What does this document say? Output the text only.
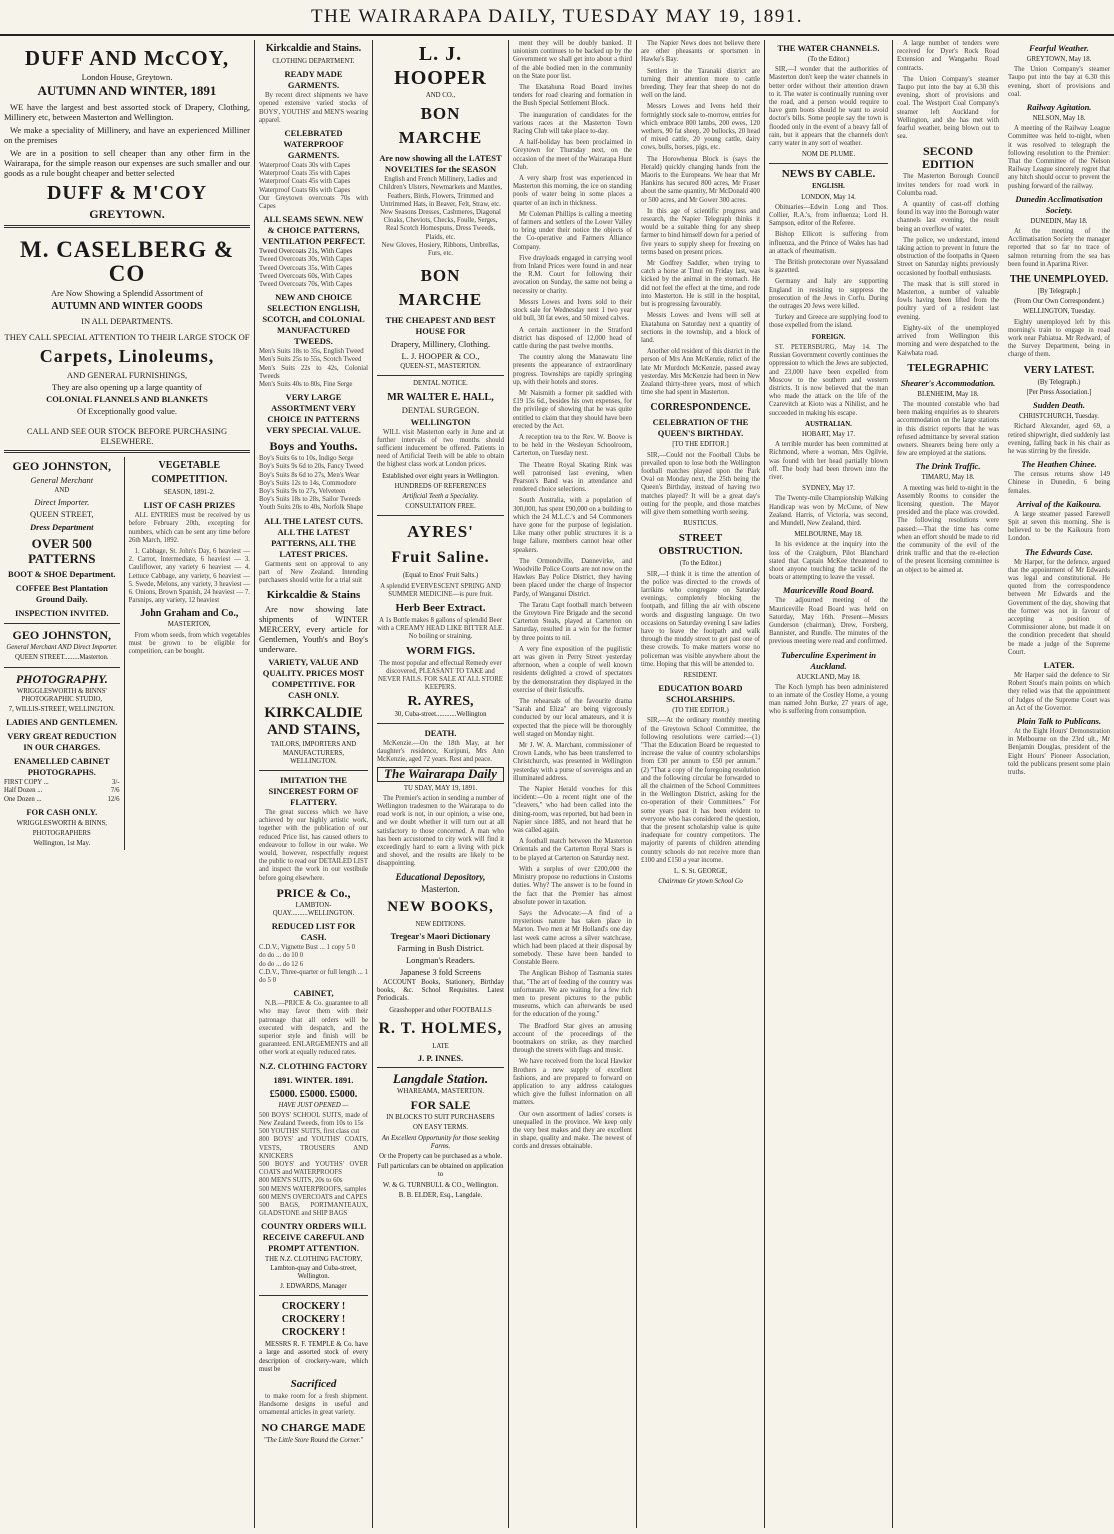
THE WAIRARAPA DAILY, TUESDAY MAY 19, 1891.
DUFF AND McCOY,
London House, Greytown.
AUTUMN AND WINTER, 1891
WE have the largest and best assorted stock of Drapery, Clothing, Millinery etc, between Masterton and Wellington.
We make a speciality of Millinery, and have an experienced Milliner on the premises
We are in a position to sell cheaper than any other firm in the Wairarapa, for the simple reason our expenses are such smaller and our goods as a rule bought cheaper and better selected
DUFF & M'COY
GREYTOWN.
M. CASELBERG & CO
Are Now Showing a Splendid Assortment of
AUTUMN AND WINTER GOODS
IN ALL DEPARTMENTS.
THEY CALL SPECIAL ATTENTION TO THEIR LARGE STOCK OF
Carpets, Linoleums,
AND GENERAL FURNISHINGS,
They are also opening up a large quantity of
COLONIAL FLANNELS AND BLANKETS
Of Exceptionally good value.
CALL AND SEE OUR STOCK BEFORE PURCHASING ELSEWHERE.
GEO JOHNSTON,
General Merchant
AND
Direct Importer.
QUEEN STREET,
Dress Department
OVER 500 PATTERNS
BOOT & SHOE Department.
COFFEE Best Plantation Ground Daily.
INSPECTION INVITED.
GEO JOHNSTON,
General Merchant AND Direct Importer.
QUEEN STREET.........Masterton.
PHOTOGRAPHY.
WRIGGLESWORTH & BINNS' PHOTOGRAPHIC STUDIO,
7, WILLIS-STREET, WELLINGTON.
LADIES AND GENTLEMEN.
VERY GREAT REDUCTION IN OUR CHARGES.
ENAMELLED CABINET PHOTOGRAPHS.
FIRST COPY ...	3/-
Half Dozen ...	7/6
One Dozen ...	12/6
FOR CASH ONLY.
WRIGGLESWORTH & BINNS,
PHOTOGRAPHERS
Wellington, 1st May.
VEGETABLE COMPETITION.
SEASON, 1891-2.
LIST OF CASH PRIZES
ALL ENTRIES must be received by us before February 20th, excepting for numbers, which can be sent any time before 26th March, 1892.
1. Cabbage, St. John's Day, 6 heaviest — 2. Carrot, Intermediate, 6 heaviest — 3. Cauliflower, any variety 6 heaviest — 4. Lettuce Cabbage, any variety, 6 heaviest — 5. Swede, Melons, any variety, 3 heaviest — 6. Onions, Brown Spanish, 24 heaviest — 7. Parsnips, any variety, 12 heaviest
John Graham and Co.,
MASTERTON,
From whom seeds, from which vegetables must be grown to be eligible for competition, can be bought.
Kirkcaldie and Stains.
CLOTHING DEPARTMENT.
READY MADE GARMENTS.
By recent direct shipments we have opened extensive varied stocks of BOYS', YOUTHS' and MEN'S wearing apparel.
CELEBRATED WATERPROOF GARMENTS.
Waterproof Coats 30s with Capes
Waterproof Coats 35s with Capes
Waterproof Coats 45s with Capes
Waterproof Coats 60s with Capes
Our Greytown overcoats 70s with Capes
ALL SEAMS SEWN. NEW & CHOICE PATTERNS, VENTILATION PERFECT.
Tweed Overcoats 21s, With Capes
Tweed Overcoats 30s, With Capes
Tweed Overcoats 35s, With Capes
Tweed Overcoats 60s, With Capes
Tweed Overcoats 70s, With Capes
NEW AND CHOICE SELECTION ENGLISH, SCOTCH, and COLONIAL MANUFACTURED TWEEDS.
Men's Suits 18s to 35s, English Tweed
Men's Suits 25s to 55s, Scotch Tweed
Men's Suits 22s to 42s, Colonial Tweeds
Men's Suits 40s to 80s, Fine Serge
VERY LARGE ASSORTMENT VERY CHOICE IN PATTERNS VERY SPECIAL VALUE.
Boys and Youths.
Boy's Suits 6s to 10s, Indigo Serge
Boy's Suits 9s 6d to 20s, Fancy Tweed
Boy's Suits 8s 6d to 27s, Men's Wear
Boy's Suits 12s to 14s, Commodore
Boy's Suits 9s to 27s, Velveteen
Boy's Suits 18s to 28s, Sailor Tweeds
Youth Suits 20s to 40s, Norfolk Shape
ALL THE LATEST CUTS. ALL THE LATEST PATTERNS, ALL THE LATEST PRICES.
Garments sent on approval to any part of New Zealand. Intending purchasers should write for a trial suit
Kirkcaldie & Stains
Are now showing late shipments of WINTER MERCERY, every article for Gentlemen, Youth's and Boy's underware.
VARIETY, VALUE AND QUALITY. PRICES MOST COMPETITIVE. FOR CASH ONLY.
KIRKCALDIE AND STAINS,
TAILORS, IMPORTERS AND MANUFACTURERS, WELLINGTON.
IMITATION THE SINCEREST FORM OF FLATTERY.
The great success which we have achieved by our highly artistic work, together with the publication of our reduced Price list, has caused others to endeavour to follow in our wake. We would, however, respectfully request the public to read our DETAILED LIST and inspect the work in our vestibule before going elsewhere.
PRICE & Co.,
LAMBTON-QUAY..........WELLINGTON.
REDUCED LIST FOR CASH.
C.D.V., Vignette Bust ... 1 copy 5 0
do do ... do 10 0
do do ... do 12 6
C.D.V., Three-quarter or full length ... 1 do 5 0
CABINET,
N.B.—PRICE & Co. guarantee to all who may favor them with their patronage that all orders will be executed with despatch, and the superior style and finish will be guaranteed. ENLARGEMENTS and all other work at equally reduced rates.
N.Z. CLOTHING FACTORY
1891. WINTER. 1891.
£5000. £5000. £5000.
HAVE JUST OPENED —
500 BOYS' SCHOOL SUITS, made of New Zealand Tweeds, from 10s to 15s
500 YOUTHS' SUITS, first class cut
800 BOYS' and YOUTHS' COATS, VESTS, TROUSERS AND KNICKERS
500 BOYS' and YOUTHS' OVER COATS and WATERPROOFS
800 MEN'S SUITS, 20s to 60s
500 MEN'S WATERPROOFS, samples
600 MEN'S OVERCOATS and CAPES
500 BAGS, PORTMANTEAUX, GLADSTONE and SHIP BAGS
COUNTRY ORDERS WILL RECEIVE CAREFUL AND PROMPT ATTENTION.
THE N.Z. CLOTHING FACTORY, Lambton-quay and Cuba-street, Wellington.
J. EDWARDS, Manager
CROCKERY ! CROCKERY ! CROCKERY !
MESSRS R. F. TEMPLE & Co. have a large and assorted stock of every description of crockery-ware, which must be
Sacrificed
to make room for a fresh shipment. Handsome designs in useful and ornamental articles in great variety.
NO CHARGE MADE
"The Little Store Round the Corner."
L. J. HOOPER
AND CO.,
BON MARCHE
Are now showing all the LATEST NOVELTIES for the SEASON
English and French Millinery, Ladies and Children's Ulsters, Newmarkets and Mantles, Feathers, Birds, Flowers, Trimmed and Untrimmed Hats, in Beaver, Felt, Straw, etc.
New Seasons Dresses, Cashmeres, Diagonal Cloaks, Cheviots, Checks, Foulle, Serges, Real Scotch Homespuns, Dress Tweeds, Plaids, etc.
New Gloves, Hosiery, Ribbons, Umbrellas, Furs, etc.
BON MARCHE
THE CHEAPEST AND BEST HOUSE FOR
Drapery, Millinery, Clothing.
L. J. HOOPER & CO.,
QUEEN-ST., MASTERTON.
DENTAL NOTICE.
MR WALTER E. HALL,
DENTAL SURGEON.
WELLINGTON
WILL visit Masterton early in June and at further intervals of two months should sufficient inducement be offered. Patients in need of Artificial Teeth will be able to obtain the highest class work at London prices.
Established over eight years in Wellington.
HUNDREDS OF REFERENCES
Artificial Teeth a Speciality.
CONSULTATION FREE.
AYRES'
Fruit Saline.
(Equal to Enos' Fruit Salts.)
A splendid EVERVESCENT SPRING AND SUMMER MEDICINE—is pure fruit.
Herb Beer Extract.
A 1s Bottle makes 8 gallons of splendid Beer with a CREAMY HEAD LIKE BITTER ALE. No boiling or straining.
WORM FIGS.
The most popular and effectual Remedy ever discovered, PLEASANT TO TAKE and NEVER FAILS. FOR SALE AT ALL STORE KEEPERS.
R. AYRES,
30, Cuba-street............Wellington
DEATH.
McKenzie.—On the 18th May, at her daughter's residence, Kuripuni, Mrs Ann McKenzie, aged 72 years. Rest and peace.
The Wairarapa Daily
TU SDAY, MAY 19, 1891.
The Premier's action in sending a number of Wellington tradesmen to the Wairarapa to do road work is not, in our opinion, a wise one, and we doubt whether it will turn out at all satisfactory to those concerned. A man who has been accustomed to city work will find it exceedingly hard to earn a living with pick and shovel, and the results are likely to be disappointing.
Educational Depository,
Masterton.
NEW BOOKS,
NEW EDITIONS.
Tregear's Maori Dictionary
Farming in Bush District.
Longman's Readers.
Japanese 3 fold Screens
ACCOUNT Books, Stationery, Birthday books, &c. School Requisites. Latest Periodicals.
Grasshopper and other FOOTBALLS
R. T. HOLMES,
LATE
J. P. INNES.
Langdale Station.
WHAREAMA, MASTERTON.
FOR SALE
IN BLOCKS TO SUIT PURCHASERS
ON EASY TERMS.
An Excellent Opportunity for those seeking Farms.
Or the Property can be purchased as a whole.
Full particulars can be obtained on application to
W. & G. TURNBULL & CO., Wellington.
B. B. ELDER, Esq., Langdale.
ment they will be doubly banked. If unionism continues to be backed up by the Government we shall get into about a third of the able bodied men in the community on the State poor list.
The Ekatahuna Road Board invites tenders for road clearing and formation in the Bush Special Settlement Block.
The inauguration of candidates for the various races at the Masterton Town Racing Club will take place to-day.
A half-holiday has been proclaimed in Greytown for Thursday next, on the occasion of the meet of the Wairarapa Hunt Club.
A very sharp frost was experienced in Masterton this morning, the ice on standing pools of water being in some places a quarter of an inch in thickness.
Mr Coleman Phillips is calling a meeting of farmers and settlers of the Lower Valley to bring under their notice the objects of the Co-operative and Farmers Alliance Company.
Five drayloads engaged in carrying wool from Inland Prices were found in and near the R.M. Court for following their avocation on Sunday, the same not being a necessity or charity.
Messrs Lowes and Ivens sold to their stock sale for Wednesday next 1 two year old bull, 30 fat ewes, and 50 mixed calves.
A certain auctioneer in the Stratford district has disposed of 12,000 head of cattle during the past twelve months.
The country along the Manawatu line presents the appearance of extraordinary progress. Townships are rapidly springing up, with their hotels and stores.
Mr Naismith a former pit saddled with £19 15s 6d., besides his own expenses, for the privilege of showing that he was quite entitled to claim that they should have been erected by the Act.
A reception tea to the Rev. W. Boove is to be held in the Wesleyan Schoolroom, Carterton, on Tuesday next.
The Theatre Royal Skating Rink was well patronised last evening, when Pearson's Band was in attendance and rendered choice selections.
South Australia, with a population of 300,000, has spent £90,000 on a building to which the 24 M.L.C.'s and 54 Commoners have gone for the purpose of legislation. Like many other public structures it is a huge failure, members cannot hear other speakers.
The Ormondville, Dannevirke, and Woodville Police Courts are not now on the Hawkes Bay Police District, they having been placed under the charge of Inspector Pardy, of Wanganui District.
The Taratu Capt football match between the Greytown Fire Brigade and the second Carterton Steals, played at Carterton on Saturday, resulted in a win for the former by three points to nil.
A very fine exposition of the pugilistic art was given in Perry Street yesterday afternoon, when a couple of well known residents delighted a crowd of spectators by the demonstration they displayed in the exercise of their fisticuffs.
The rehearsals of the favourite drama "Sarah and Eliza" are being vigorously conducted by our local amateurs, and it is expected that the piece will be thoroughly well staged on Monday night.
Mr J. W. A. Marchant, commissioner of Crown Lands, who has been transferred to Christchurch, was presented in Wellington yesterday with a purse of sovereigns and an illuminated address.
The Napier Herald vouches for this incident:—On a recent night one of the "cleavers," who had been called into the dining-room, was reported, but had been in Napier since 1885, and not heard that he was called again.
A football match between the Masterton Orientals and the Carterton Royal Stars is to be played at Carterton on Saturday next.
With a surplus of over £200,000 the Ministry propose no reductions in Customs duties. Why? The answer is to be found in the fact that the Premier has almost absolute power in taxation.
Says the Advocate:—A find of a mysterious nature has taken place in Marton. Two men at Mr Holland's one day last week came across a silver watchcase, which had been placed at their disposal by somebody. These have been handed to Constable Beere.
The Anglican Bishop of Tasmania states that, "The art of feeding of the country was unfortunate. We are waiting for a few rich men to present pictures to the public museums, which can afterwards be used for the education of the young."
The Bradford Star gives an amusing account of the proceedings of the bootmakers on strike, as they marched through the streets with flags and music.
We have received from the local Hawker Brothers a new supply of excellent fashions, and are prepared to forward on application to any address catalogues which give the fullest information on all matters.
Our own assortment of ladies' corsets is unequalled in the province. We keep only the very best makes and they are excellent in shape, quality and make. The newest of cords and dresses obtainable.
The Napier News does not believe there are other pheasants or sportsmen in Hawke's Bay.
Settlers in the Taranaki district are turning their attention more to cattle breeding. They fear that sheep do not do well on the land.
Messrs Lowes and Ivens held their fortnightly stock sale to-morrow, entries for which embrace 800 lambs, 200 ewes, 120 wethers, 90 fat sheep, 20 bullocks, 20 head of mixed cattle, 20 young cattle, dairy cows, bulls, horses, pigs, etc.
The Horowhenua Block is (says the Herald) quickly changing hands from the Maoris to the Europeans. We hear that Mr Hankins has secured 800 acres, Mr Fraser about the same quantity, Mr McDonald 400 or 500 acres, and Mr Gower 300 acres.
In this age of scientific progress and research, the Napier Telegraph thinks it would be a suitable thing for any sheep farmer to bind himself down for a period of five years to supply sheep for freezing on terms based on present prices.
Mr Godfrey Saddler, when trying to catch a horse at Tinui on Friday last, was kicked by the animal in the stomach. He did not feel the effect at the time, and rode into Masterton. He is still in the hospital, but is progressing favourably.
Messrs Lowes and Ivens will sell at Ekatahuna on Saturday next a quantity of sections in the township, and a block of land.
Another old resident of this district in the person of Mrs Ann McKenzie, relict of the late Mr Murdoch McKenzie, passed away yesterday. Mrs McKenzie had been in New Zealand thirty-three years, most of which time she had spent in Masterton.
CORRESPONDENCE.
CELEBRATION OF THE QUEEN'S BIRTHDAY.
[TO THE EDITOR.]
SIR,—Could not the Football Clubs be prevailed upon to lose both the Wellington football matches played upon the Park Oval on Monday next, the 25th being the Queen's Birthday, instead of having two matches played? It will be a great day's outing for the people, and those matches will give them something worth seeing.
RUSTICUS.
STREET OBSTRUCTION.
(To the Editor.)
SIR,—I think it is time the attention of the police was directed to the crowds of larrikins who congregate on Saturday evenings, completely blocking the footpath, and filling the air with obscene words and disgusting language. On two occasions on Saturday evening I saw ladies have to leave the footpath and walk through the muddy street to get past one of these crowds. To make matters worse no policeman was visible anywhere about the time. Hoping that this will be attended to.
RESIDENT.
EDUCATION BOARD SCHOLARSHIPS.
(TO THE EDITOR.)
SIR,—At the ordinary monthly meeting of the Greytown School Committee, the following resolutions were carried:—(1) "That the Education Board be requested to increase the value of country scholarships from £30 per annum to £50 per annum." (2) "That a copy of the foregoing resolution and the following circular be forwarded to all the chairmen of the School Committees in the Wellington District, asking for the co-operation of their Committees." For some years past it has been evident to everyone who has considered the question, that the present scholarship value is quite inadequate for country competitors. The majority of parents of children attending country schools do not receive more than £100 and £150 a year income.
L. S. St. GEORGE,
Chairman Gr ytown School Co
THE WATER CHANNELS.
(To the Editor.)
SIR,—I wonder that the authorities of Masterton don't keep the water channels in better order without their attention drawn to it. The water is continually running over the road, and a person would require to have gum boots should he want to avoid doctor's bills. Some people say the town is flooded only in the event of a heavy fall of rain, but it appears that the channels don't carry water in any sort of weather.
NOM DE PLUME.
NEWS BY CABLE.
ENGLISH.
LONDON, May 14.
Obituaries—Edwin Long and Thos. Collier, R.A.'s, from influenza; Lord H. Sampson, editor of the Referee.
Bishop Ellicott is suffering from influenza, and the Prince of Wales has had an attack of rheumatism.
The British protectorate over Nyassaland is gazetted.
Germany and Italy are supporting England in resisting to suppress the prosecution of the Jews in Corfu. During the outrages 20 Jews were killed.
Turkey and Greece are supplying food to those expelled from the island.
FOREIGN.
ST. PETERSBURG, May 14. The Russian Government covertly continues the oppression to which the Jews are subjected, and 23,000 have been expelled from Moscow to the southern and western districts. It is now believed that the man who made the attack on the life of the Czarevitch at Kioto was a Nihilist, and he succeeded in making his escape.
AUSTRALIAN.
HOBART, May 17.
A terrible murder has been committed at Richmond, where a woman, Mrs Ogilvie, was found with her head partially blown off. The body had been thrown into the river.
SYDNEY, May 17.
The Twenty-mile Championship Walking Handicap was won by McCune, of New Zealand. Harris, of Victoria, was second, and Mundell, New Zealand, third.
MELBOURNE, May 18.
In his evidence at the inquiry into the loss of the Craigburn, Pilot Blanchard stated that Captain McKee threatened to shoot anyone touching the tackle of the boats or attempting to leave the vessel.
Mauriceville Road Board.
The adjourned meeting of the Mauriceville Road Board was held on Saturday, May 16th. Present—Messrs Gunderson (chairman), Drew, Forsberg, Bannister, and Rundle. The minutes of the previous meeting were read and confirmed.
Tuberculine Experiment in Auckland.
AUCKLAND, May 18.
The Koch lymph has been administered to an inmate of the Costley Home, a young man named John Burke, 27 years of age, who is suffering from consumption.
A large number of tenders were received for Dyer's Rock Road Extension and Wangaehu Road contracts.
The Union Company's steamer Taupo put into the bay at 6.30 this evening, short of provisions and coal. The Westport Coal Company's steamer left Auckland for Wellington, and she has met with fearful weather, being blown out to sea.
SECOND EDITION
The Masterton Borough Council invites tenders for road work in Columba road.
A quantity of cast-off clothing found its way into the Borough water channels last evening, the result being an overflow of water.
The police, we understand, intend taking action to prevent in future the obstruction of the footpaths in Queen Street on Saturday nights previously occasioned by football enthusiasts.
The mask that is still stored in Masterton, a number of valuable fowls having been lifted from the poultry yard of a resident last evening.
Eighty-six of the unemployed arrived from Wellington this morning and were despatched to the Kaiwhata road.
TELEGRAPHIC
Shearer's Accommodation.
BLENHEIM, May 18.
The mounted constable who had been making enquiries as to shearers accommodation on the large stations in this district reports that he was refused admittance by several station owners. Shearers being here only a few are employed at the stations.
The Drink Traffic.
TIMARU, May 18.
A meeting was held to-night in the Assembly Rooms to consider the licensing question. The Mayor presided and the place was crowded. The following resolutions were passed:—That the time has come when an effort should be made to rid the community of the evil of the drink traffic and that the re-election of the present licensing committee is an object to be aimed at.
Fearful Weather.
GREYTOWN, May 18.
The Union Company's steamer Taupo put into the bay at 6.30 this evening, short of provisions and coal.
Railway Agitation.
NELSON, May 18.
A meeting of the Railway League Committee was held to-night, when it was resolved to telegraph the following resolution to the Premier: That the Committee of the Nelson Railway League sincerely regret that any hitch should occur to prevent the pushing forward of the railway.
Dunedin Acclimatisation Society.
DUNEDIN, May 18.
At the meeting of the Acclimatisation Society the manager reported that so far no trace of salmon returning from the sea has been found in Aparima River.
THE UNEMPLOYED.
[By Telegraph.]
(From Our Own Correspondent.)
WELLINGTON, Tuesday.
Eighty unemployed left by this morning's train to engage in road work near Pahiatua. Mr Redward, of the Survey Department, being in charge of them.
VERY LATEST.
(By Telegraph.)
[Per Press Association.]
Sudden Death.
CHRISTCHURCH, Tuesday.
Richard Alexander, aged 69, a retired shipwright, died suddenly last evening, falling back in his chair as he was stirring by the fireside.
The Heathen Chinee.
The census returns show 149 Chinese in Dunedin, 6 being females.
Arrival of the Kaikoura.
A large steamer passed Farewell Spit at seven this morning. She is believed to be the Kaikoura from London.
The Edwards Case.
Mr Harper, for the defence, argued that the appointment of Mr Edwards was legal and constitutional. He quoted from the correspondence between Mr Edwards and the Government of the day, showing that the former was not in favour of accepting a position of Commissioner alone, but made it on the condition precedent that should be made a judge of the Supreme Court.
LATER.
Mr Harper said the defence to Sir Robert Stout's main points on which they relied was that the appointment of Judges of the Supreme Court was an Act of the Governor.
Plain Talk to Publicans.
At the Eight Hours' Demonstration in Melbourne on the 23rd ult., Mr Benjamin Douglas, president of the Eight Hours' Pioneer Association, told the publicans present some plain truths.
